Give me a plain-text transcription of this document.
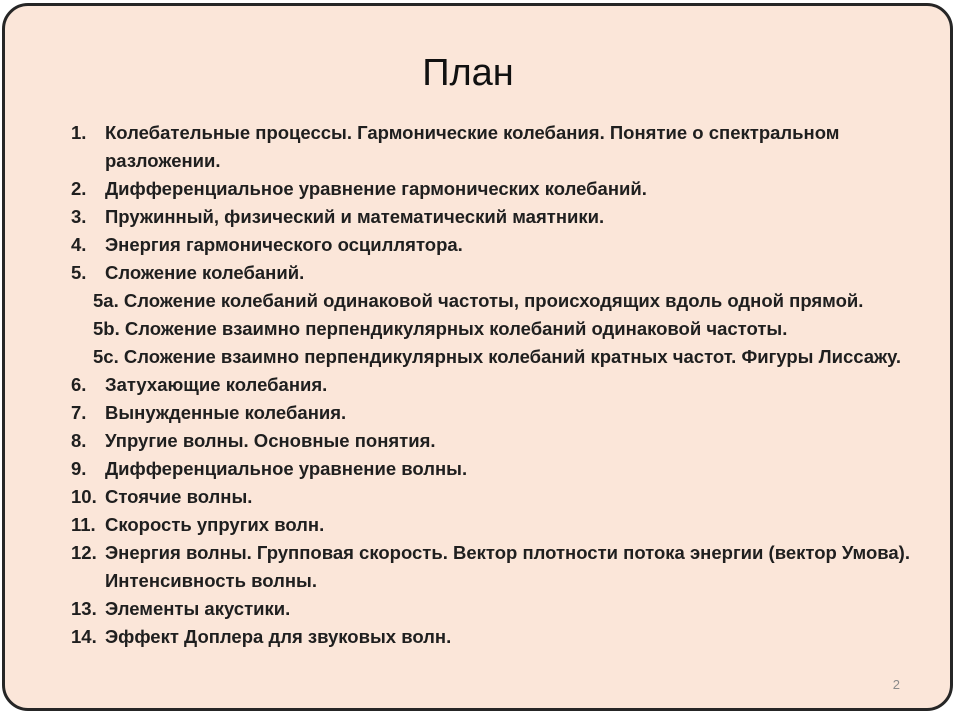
План
1. Колебательные процессы. Гармонические колебания. Понятие о спектральном разложении.
2. Дифференциальное уравнение гармонических колебаний.
3. Пружинный, физический и математический маятники.
4. Энергия гармонического осциллятора.
5. Сложение колебаний.
5a. Сложение колебаний одинаковой частоты, происходящих вдоль одной прямой.
5b. Сложение взаимно перпендикулярных колебаний одинаковой частоты.
5c. Сложение взаимно перпендикулярных колебаний кратных частот. Фигуры Лиссажу.
6. Затухающие колебания.
7. Вынужденные колебания.
8. Упругие волны. Основные понятия.
9. Дифференциальное уравнение волны.
10. Стоячие волны.
11. Скорость упругих волн.
12. Энергия волны. Групповая скорость. Вектор плотности потока энергии (вектор Умова). Интенсивность волны.
13. Элементы акустики.
14. Эффект Доплера для звуковых волн.
2
